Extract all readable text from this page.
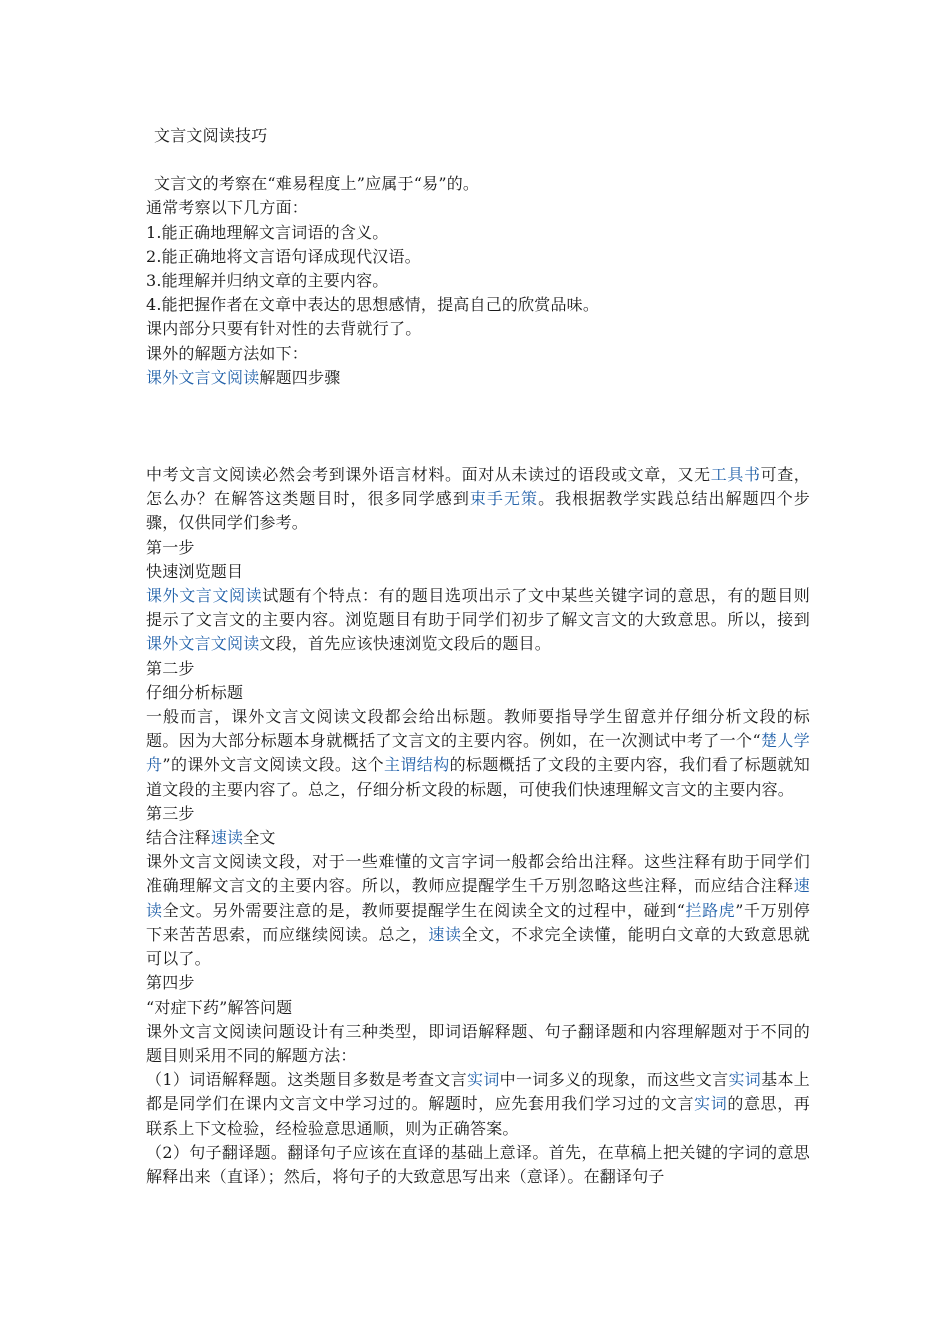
文言文阅读技巧
文言文的考察在“难易程度上”应属于“易”的。
通常考察以下几方面：
1.能正确地理解文言词语的含义。
2.能正确地将文言语句译成现代汉语。
3.能理解并归纳文章的主要内容。
4.能把握作者在文章中表达的思想感情，提高自己的欣赏品味。
课内部分只要有针对性的去背就行了。
课外的解题方法如下：
课外文言文阅读解题四步骤
中考文言文阅读必然会考到课外语言材料。面对从未读过的语段或文章，又无工具书可查，怎么办？在解答这类题目时，很多同学感到束手无策。我根据教学实践总结出解题四个步骤，仅供同学们参考。
第一步
快速浏览题目
课外文言文阅读试题有个特点：有的题目选项出示了文中某些关键字词的意思，有的题目则提示了文言文的主要内容。浏览题目有助于同学们初步了解文言文的大致意思。所以，接到课外文言文阅读文段，首先应该快速浏览文段后的题目。
第二步
仔细分析标题
一般而言，课外文言文阅读文段都会给出标题。教师要指导学生留意并仔细分析文段的标题。因为大部分标题本身就概括了文言文的主要内容。例如，在一次测试中考了一个“楚人学舟”的课外文言文阅读文段。这个主谓结构的标题概括了文段的主要内容，我们看了标题就知道文段的主要内容了。总之，仔细分析文段的标题，可使我们快速理解文言文的主要内容。
第三步
结合注释速读全文
课外文言文阅读文段，对于一些难懂的文言字词一般都会给出注释。这些注释有助于同学们准确理解文言文的主要内容。所以，教师应提醒学生千万别忽略这些注释，而应结合注释速读全文。另外需要注意的是，教师要提醒学生在阅读全文的过程中，碰到“拦路虎”千万别停下来苦苦思索，而应继续阅读。总之，速读全文，不求完全读懂，能明白文章的大致意思就可以了。
第四步
“对症下药”解答问题
课外文言文阅读问题设计有三种类型，即词语解释题、句子翻译题和内容理解题对于不同的题目则采用不同的解题方法：
（1）词语解释题。这类题目多数是考查文言实词中一词多义的现象，而这些文言实词基本上都是同学们在课内文言文中学习过的。解题时，应先套用我们学习过的文言实词的意思，再联系上下文检验，经检验意思通顺，则为正确答案。
（2）句子翻译题。翻译句子应该在直译的基础上意译。首先，在草稿上把关键的字词的意思解释出来（直译）；然后，将句子的大致意思写出来（意译）。在翻译句子
